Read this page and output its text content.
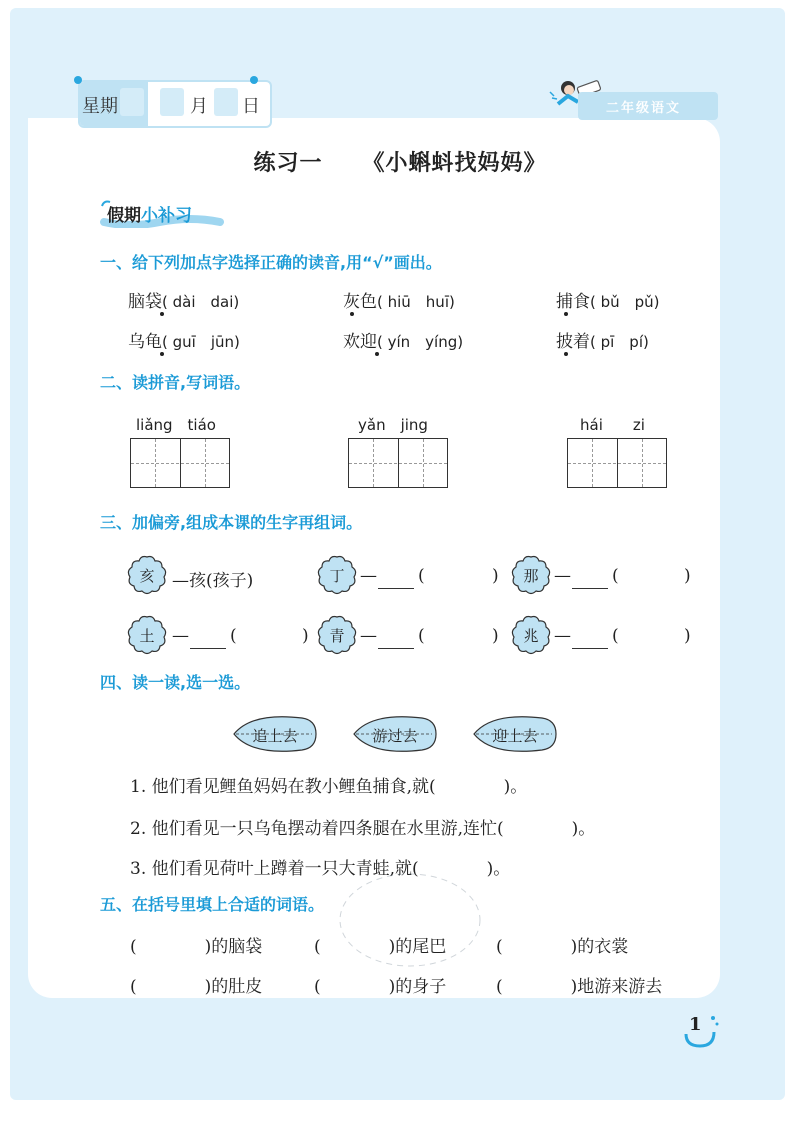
星期	月 日	二年级语文
练习一 《小蝌蚪找妈妈》
假期小补习
一、给下列加点字选择正确的读音,用“√”画出。
脑袋( dài　dai)	灰色( hiū　huī)	捕食( bǔ　pǔ)
乌龟( guī　jūn)	欢迎( yín　yíng)	披着( pī　pí)
二、读拼音,写词语。
liǎng　tiáo	yǎn　jing	hái　　zi
三、加偏旁,组成本课的生字再组词。
亥	—孩(孩子)	丁 — (	)	那 — (	)
土	— (	)	青 — (	)	兆 — (	)
四、读一读,选一选。
追上去	游过去	迎上去
1. 他们看见鲤鱼妈妈在教小鲤鱼捕食,就(　　　　)。
2. 他们看见一只乌龟摆动着四条腿在水里游,连忙(　　　　)。
3. 他们看见荷叶上蹲着一只大青蛙,就(　　　　)。
五、在括号里填上合适的词语。
(　　　　)的脑袋	(　　　　)的尾巴	(　　　　)的衣裳
(　　　　)的肚皮	(　　　　)的身子	(　　　　)地游来游去
1
